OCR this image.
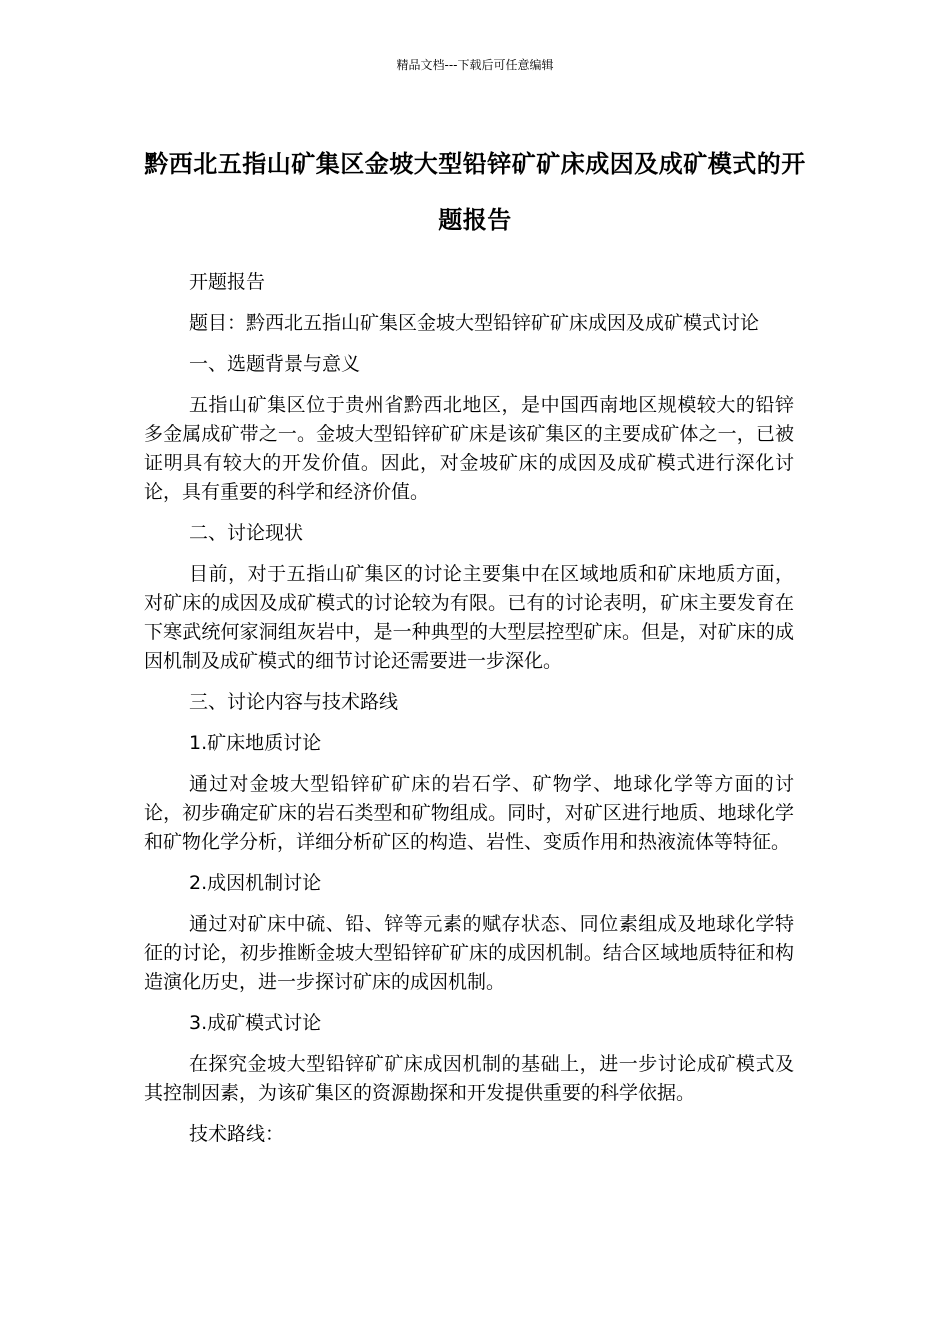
精品文档---下载后可任意编辑
黔西北五指山矿集区金坡大型铅锌矿矿床成因及成矿模式的开题报告

开题报告

题目：黔西北五指山矿集区金坡大型铅锌矿矿床成因及成矿模式讨论

一、选题背景与意义

五指山矿集区位于贵州省黔西北地区，是中国西南地区规模较大的铅锌多金属成矿带之一。金坡大型铅锌矿矿床是该矿集区的主要成矿体之一，已被证明具有较大的开发价值。因此，对金坡矿床的成因及成矿模式进行深化讨论，具有重要的科学和经济价值。

二、讨论现状

目前，对于五指山矿集区的讨论主要集中在区域地质和矿床地质方面，对矿床的成因及成矿模式的讨论较为有限。已有的讨论表明，矿床主要发育在下寒武统何家洞组灰岩中，是一种典型的大型层控型矿床。但是，对矿床的成因机制及成矿模式的细节讨论还需要进一步深化。

三、讨论内容与技术路线

1.矿床地质讨论

通过对金坡大型铅锌矿矿床的岩石学、矿物学、地球化学等方面的讨论，初步确定矿床的岩石类型和矿物组成。同时，对矿区进行地质、地球化学和矿物化学分析，详细分析矿区的构造、岩性、变质作用和热液流体等特征。

2.成因机制讨论

通过对矿床中硫、铅、锌等元素的赋存状态、同位素组成及地球化学特征的讨论，初步推断金坡大型铅锌矿矿床的成因机制。结合区域地质特征和构造演化历史，进一步探讨矿床的成因机制。

3.成矿模式讨论

在探究金坡大型铅锌矿矿床成因机制的基础上，进一步讨论成矿模式及其控制因素，为该矿集区的资源勘探和开发提供重要的科学依据。

技术路线：
